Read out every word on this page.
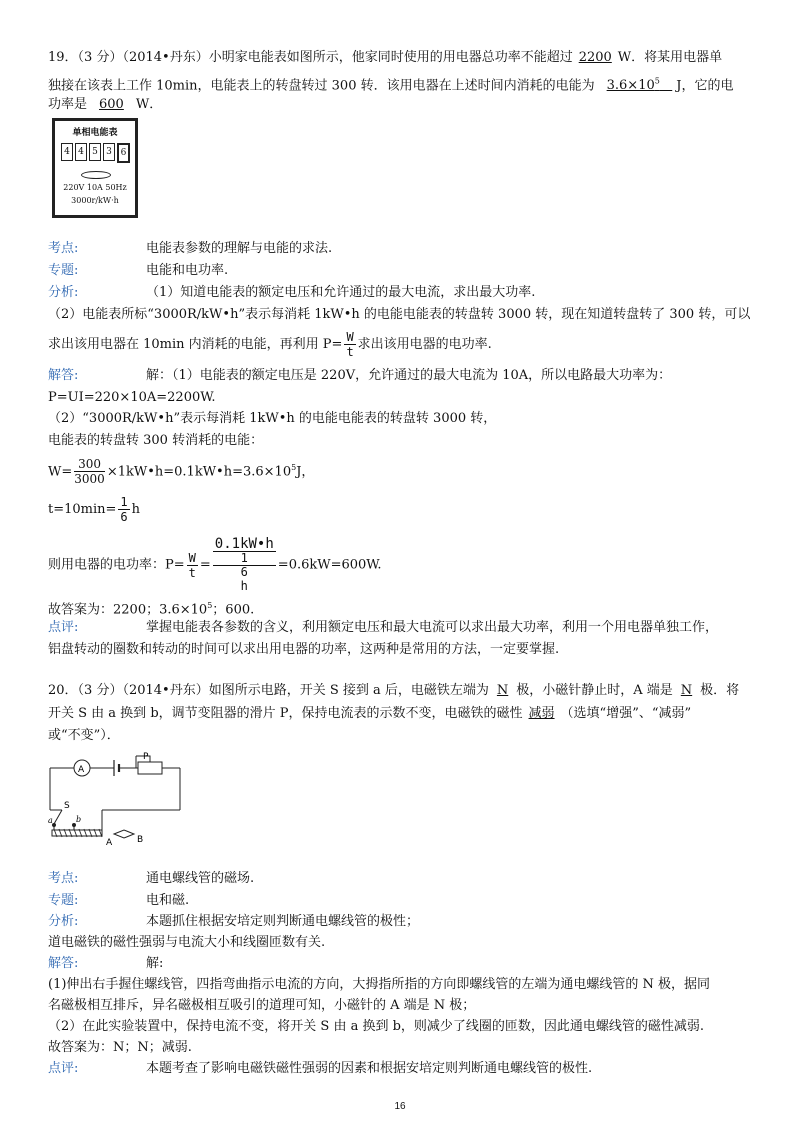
19．（3 分）（2014•丹东）小明家电能表如图所示，他家同时使用的用电器总功率不能超过 2200 W．将某用电器单
独接在该表上工作 10min，电能表上的转盘转过 300 转．该用电器在上述时间内消耗的电能为 $3.6\times 10^5$ J，它的电
功率是 600 W．
单相电能表
4 4 5 3 6
220V 10A 50Hz
3000r/kW·h
考点:	电能表参数的理解与电能的求法.
专题:	电能和电功率.
分析:	（1）知道电能表的额定电压和允许通过的最大电流，求出最大功率.
（2）电能表所标“3000R/kW•h”表示每消耗 1kW•h 的电能电能表的转盘转 3000 转，现在知道转盘转了 300 转，可以
求出该用电器在 10min 内消耗的电能，再利用 $P= \frac{W}{t}$ 求出该用电器的电功率.
解答:	解：（1）电能表的额定电压是 220V，允许通过的最大电流为 10A，所以电路最大功率为：
P=UI=220×10A=2200W.
（2）“3000R/kW•h”表示每消耗 1kW•h 的电能电能表的转盘转 3000 转，
电能表的转盘转 300 转消耗的电能：
$W= \frac{300}{3000}$ $\times 1kW•h=0.1kW•h=3.6\times 10^5J$，
$t=10\min= \frac{1}{6}$ h
则用电器的电功率：$P= \frac{W}{t}$ = 0.1kW•h
1
6
h =0.6kW=600W.
故答案为：2200；$3.6\times 10^5$；600.
点评:	掌握电能表各参数的含义，利用额定电压和最大电流可以求出最大功率，利用一个用电器单独工作，
铝盘转动的圈数和转动的时间可以求出用电器的功率，这两种是常用的方法，一定要掌握.
20．（3 分）（2014•丹东）如图所示电路，开关 S 接到 a 后，电磁铁左端为 N 极，小磁针静止时，A 端是 N 极．将
开关 S 由 a 换到 b，调节变阻器的滑片 P，保持电流表的示数不变，电磁铁的磁性 减弱 （选填“增强”、“减弱”
或“不变”）．
A
P
S
a	b
A	B
考点:	通电螺线管的磁场.
专题:	电和磁.
分析:	本题抓住根据安培定则判断通电螺线管的极性；
道电磁铁的磁性强弱与电流大小和线圈匝数有关.
解答:	解:
(1)伸出右手握住螺线管，四指弯曲指示电流的方向，大拇指所指的方向即螺线管的左端为通电螺线管的 N 极，据同
名磁极相互排斥，异名磁极相互吸引的道理可知，小磁针的 A 端是 N 极；
（2）在此实验装置中，保持电流不变，将开关 S 由 a 换到 b，则减少了线圈的匝数，因此通电螺线管的磁性减弱.
故答案为：N；N；减弱.
点评:	本题考查了影响电磁铁磁性强弱的因素和根据安培定则判断通电螺线管的极性.
16
